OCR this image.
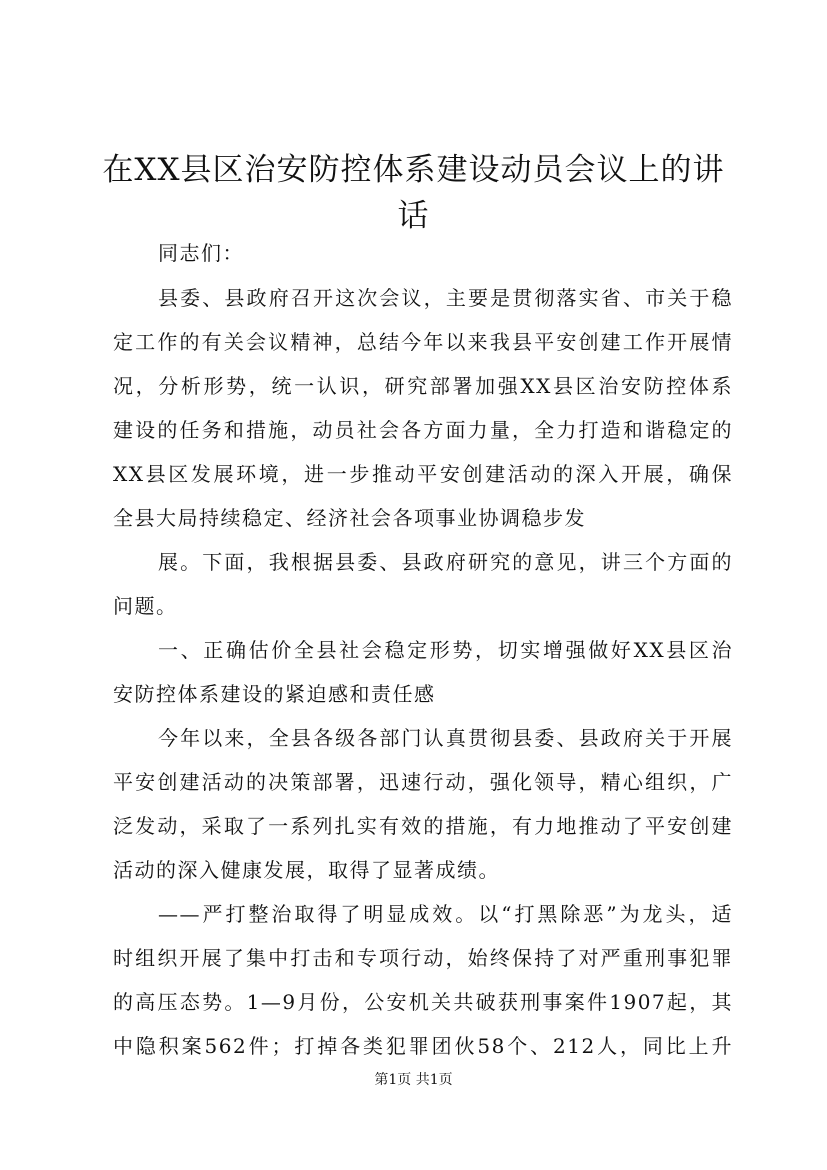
在XX县区治安防控体系建设动员会议上的讲
话

同志们：

县委、县政府召开这次会议，主要是贯彻落实省、市关于稳

定工作的有关会议精神，总结今年以来我县平安创建工作开展情

况，分析形势，统一认识，研究部署加强XX县区治安防控体系

建设的任务和措施，动员社会各方面力量，全力打造和谐稳定的

XX县区发展环境，进一步推动平安创建活动的深入开展，确保

全县大局持续稳定、经济社会各项事业协调稳步发

展。下面，我根据县委、县政府研究的意见，讲三个方面的

问题。

一、正确估价全县社会稳定形势，切实增强做好XX县区治

安防控体系建设的紧迫感和责任感

今年以来，全县各级各部门认真贯彻县委、县政府关于开展

平安创建活动的决策部署，迅速行动，强化领导，精心组织，广

泛发动，采取了一系列扎实有效的措施，有力地推动了平安创建

活动的深入健康发展，取得了显著成绩。

——严打整治取得了明显成效。以“打黑除恶”为龙头，适

时组织开展了集中打击和专项行动，始终保持了对严重刑事犯罪

的高压态势。1—9月份，公安机关共破获刑事案件1907起，其

中隐积案562件；打掉各类犯罪团伙58个、212人，同比上升

第1页 共1页
